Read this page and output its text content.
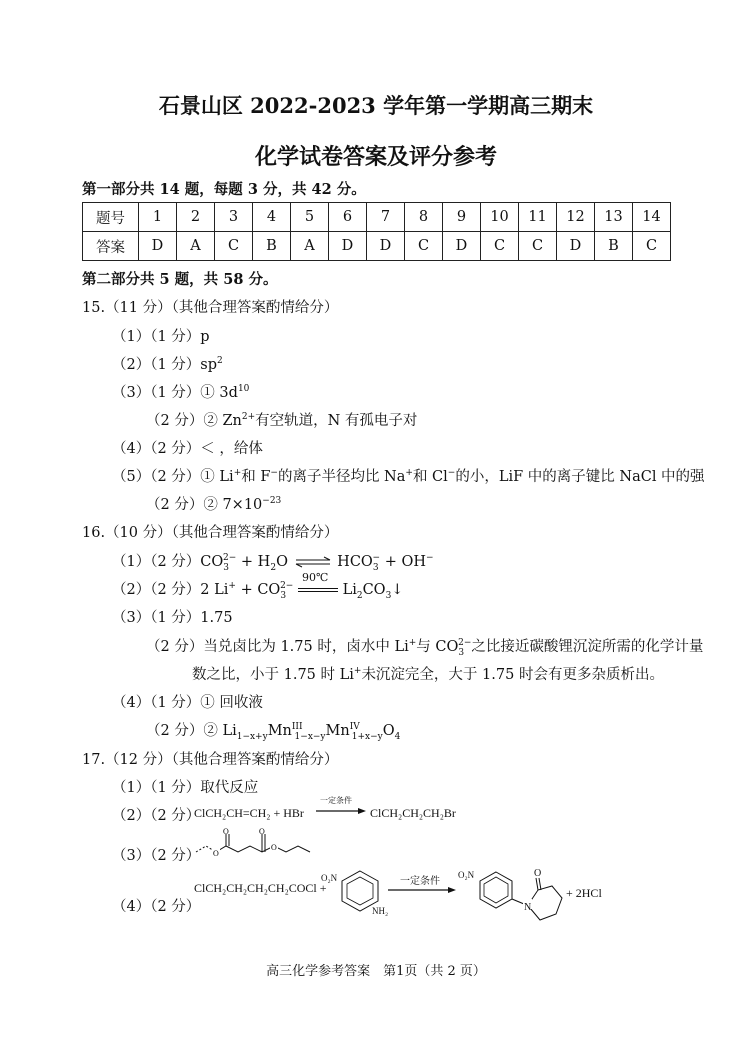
石景山区 2022-2023 学年第一学期高三期末
化学试卷答案及评分参考
第一部分共 14 题，每题 3 分，共 42 分。
题号	1	2	3	4	5	6	7	8	9	10	11	12	13	14
答案	D	A	C	B	A	D	D	C	D	C	C	D	B	C
第二部分共 5 题，共 58 分。
15.（11 分）（其他合理答案酌情给分）
（1）（1 分）p
（2）（1 分）$sp^2$
（3）（1 分）① $3d^{10}$
（2 分）② $Zn^{2+}$有空轨道，N 有孤电子对
（4）（2 分）＜ ，给体
（5）（2 分）① Li+和 F−的离子半径均比 Na+和 Cl−的小，LiF 中的离子键比 NaCl 中的强
（2 分）② $7\times 10^{-23}$
16.（10 分）（其他合理答案酌情给分）
（1）（2 分）$CO_3^{2-} + H_2O$ ⇌ $HCO_3^- + OH^-$
（2）（2 分）2 $Li^+ + CO_3^{2-}$
90℃
$Li_2CO_3↓$
（3）（1 分）1.75
（2 分）当兑卤比为 1.75 时，卤水中 Li+与 $CO_3^{2-}$之比接近碳酸锂沉淀所需的化学计量
数之比，小于 1.75 时 Li+未沉淀完全，大于 1.75 时会有更多杂质析出。
（4）（1 分）① 回收液
（2 分）② $Li_{1-x+y}Mn^{III}_{1-x-y}Mn^{IV}_{1+x-y}O_4$
17.（12 分）（其他合理答案酌情给分）
（1）（1 分）取代反应
（2）（2 分）
ClCH₂CH=CH₂ + HBr
一定条件
ClCH₂CH₂CH₂Br
（3）（2 分） O
O
O	O
（4）（2 分）
ClCH₂CH₂CH₂CH₂COCl +
O₂N
NH₂
一定条件
O₂N
N
O
+ 2HCl
高三化学参考答案　第1页（共 2 页）
